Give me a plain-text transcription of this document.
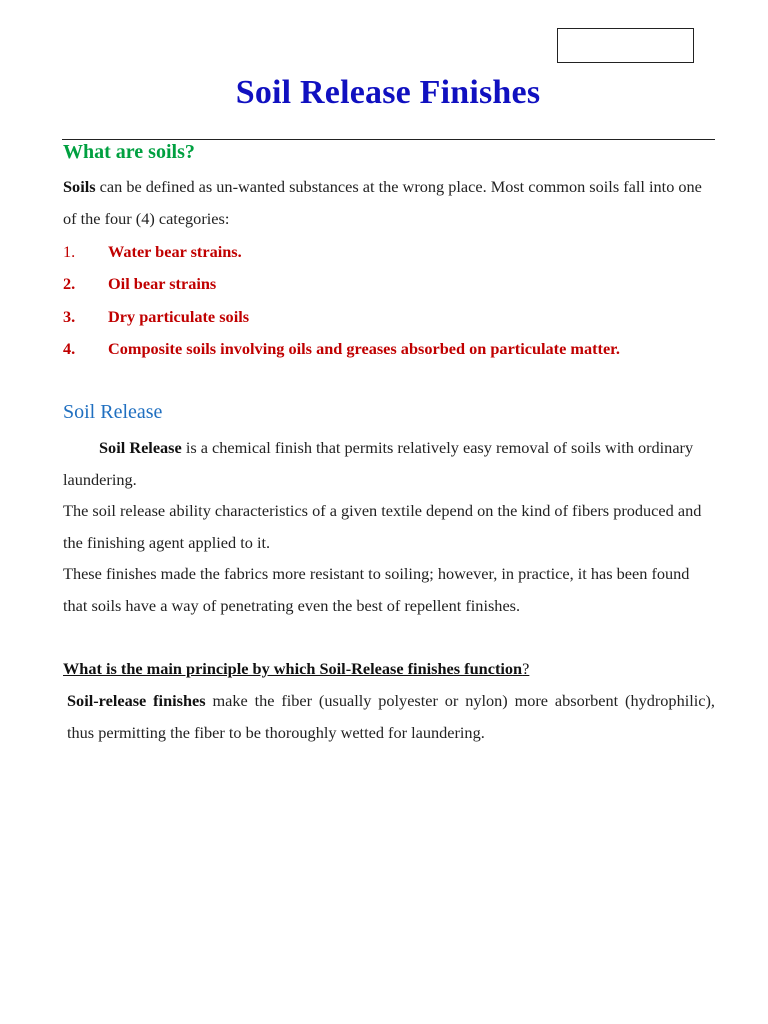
Soil Release Finishes
What are soils?

Soils can be defined as un-wanted substances at the wrong place. Most common soils fall into one of the four (4) categories:

1.	Water bear strains.
2.	Oil bear strains
3.	Dry particulate soils
4.	Composite soils involving oils and greases absorbed on particulate matter.
Soil Release

Soil Release is a chemical finish that permits relatively easy removal of soils with ordinary laundering.

The soil release ability characteristics of a given textile depend on the kind of fibers produced and the finishing agent applied to it.

These finishes made the fabrics more resistant to soiling; however, in practice, it has been found that soils have a way of penetrating even the best of repellent finishes.

What is the main principle by which Soil-Release finishes function?

Soil-release finishes make the fiber (usually polyester or nylon) more absorbent (hydrophilic), thus permitting the fiber to be thoroughly wetted for laundering.
